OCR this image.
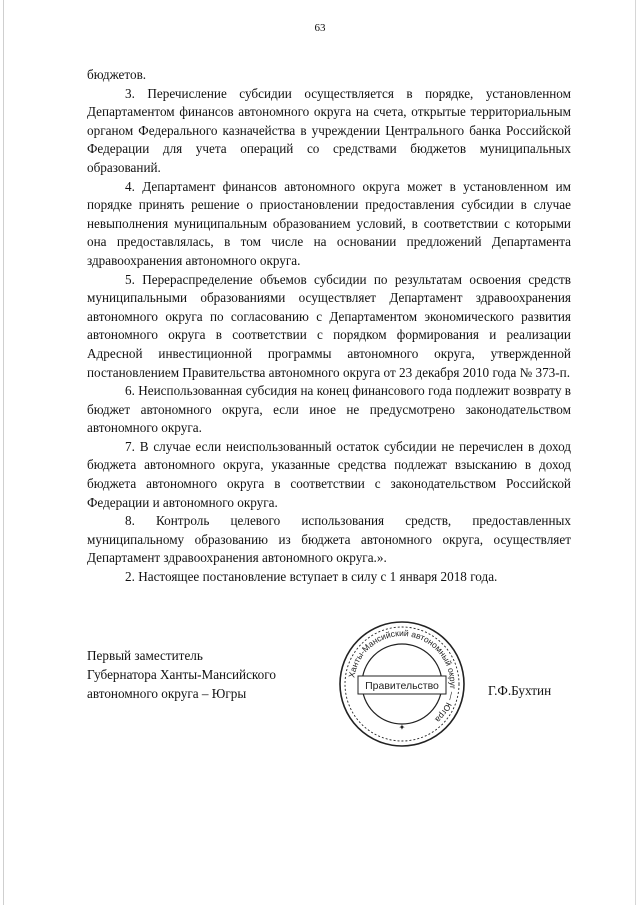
63

бюджетов.

3. Перечисление субсидии осуществляется в порядке, установленном Департаментом финансов автономного округа на счета, открытые территориальным органом Федерального казначейства в учреждении Центрального банка Российской Федерации для учета операций со средствами бюджетов муниципальных образований.

4. Департамент финансов автономного округа может в установленном им порядке принять решение о приостановлении предоставления субсидии в случае невыполнения муниципальным образованием условий, в соответствии с которыми она предоставлялась, в том числе на основании предложений Департамента здравоохранения автономного округа.

5. Перераспределение объемов субсидии по результатам освоения средств муниципальными образованиями осуществляет Департамент здравоохранения автономного округа по согласованию с Департаментом экономического развития автономного округа в соответствии с порядком формирования и реализации Адресной инвестиционной программы автономного округа, утвержденной постановлением Правительства автономного округа от 23 декабря 2010 года № 373-п.

6. Неиспользованная субсидия на конец финансового года подлежит возврату в бюджет автономного округа, если иное не предусмотрено законодательством автономного округа.

7. В случае если неиспользованный остаток субсидии не перечислен в доход бюджета автономного округа, указанные средства подлежат взысканию в доход бюджета автономного округа в соответствии с законодательством Российской Федерации и автономного округа.

8. Контроль целевого использования средств, предоставленных муниципальному образованию из бюджета автономного округа, осуществляет Департамент здравоохранения автономного округа.».

2. Настоящее постановление вступает в силу с 1 января 2018 года.

Первый заместитель
Губернатора Ханты-Мансийского
автономного округа – Югры
Ханты-Мансийский автономный округ — Югра
Правительство
✦
Г.Ф.Бухтин
